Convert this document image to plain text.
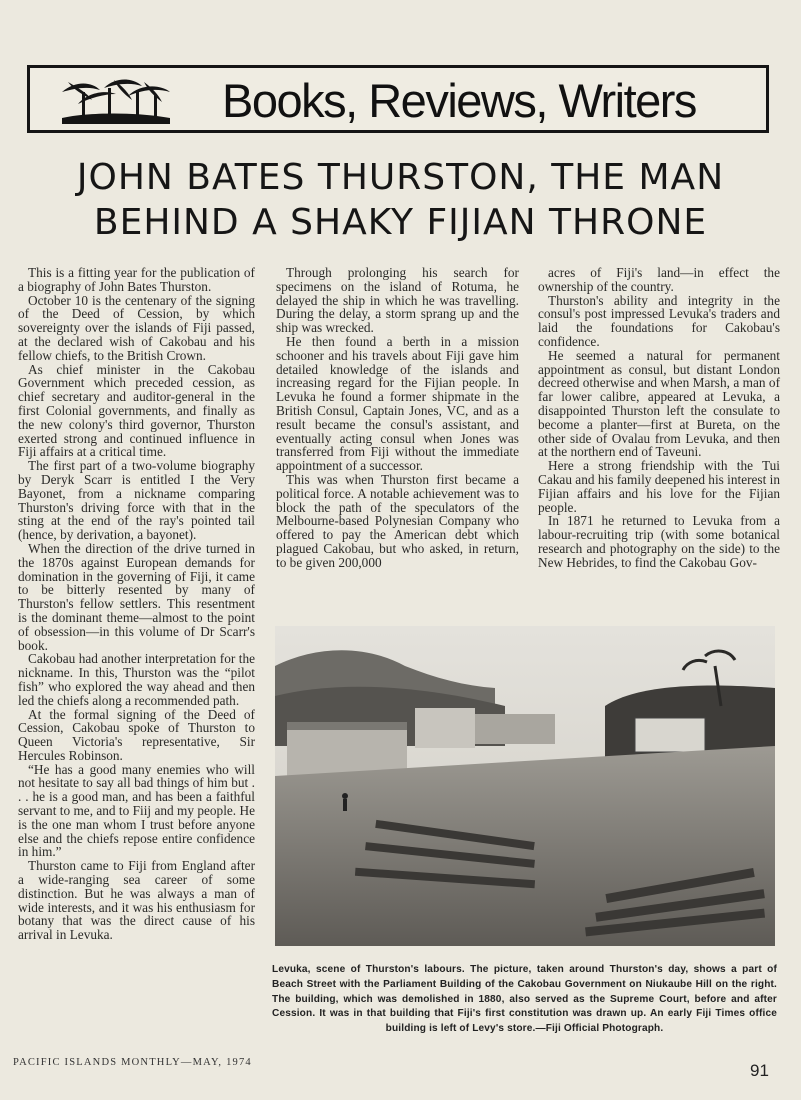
Books, Reviews, Writers
JOHN BATES THURSTON, THE MAN
BEHIND A SHAKY FIJIAN THRONE

This is a fitting year for the publication of a biography of John Bates Thurston.

October 10 is the centenary of the signing of the Deed of Cession, by which sovereignty over the islands of Fiji passed, at the declared wish of Cakobau and his fellow chiefs, to the British Crown.

As chief minister in the Cakobau Government which preceded cession, as chief secretary and auditor-general in the first Colonial governments, and finally as the new colony's third governor, Thurston exerted strong and continued influence in Fiji affairs at a critical time.

The first part of a two-volume biography by Deryk Scarr is entitled I the Very Bayonet, from a nickname comparing Thurston's driving force with that in the sting at the end of the ray's pointed tail (hence, by derivation, a bayonet).

When the direction of the drive turned in the 1870s against European demands for domination in the governing of Fiji, it came to be bitterly resented by many of Thurston's fellow settlers. This resentment is the dominant theme—almost to the point of obsession—in this volume of Dr Scarr's book.

Cakobau had another interpretation for the nickname. In this, Thurston was the “pilot fish” who explored the way ahead and then led the chiefs along a recommended path.

At the formal signing of the Deed of Cession, Cakobau spoke of Thurston to Queen Victoria's representative, Sir Hercules Robinson.

“He has a good many enemies who will not hesitate to say all bad things of him but . . . he is a good man, and has been a faithful servant to me, and to Fiij and my people. He is the one man whom I trust before anyone else and the chiefs repose entire confidence in him.”

Thurston came to Fiji from England after a wide-ranging sea career of some distinction. But he was always a man of wide interests, and it was his enthusiasm for botany that was the direct cause of his arrival in Levuka.

Through prolonging his search for specimens on the island of Rotuma, he delayed the ship in which he was travelling. During the delay, a storm sprang up and the ship was wrecked.

He then found a berth in a mission schooner and his travels about Fiji gave him detailed knowledge of the islands and increasing regard for the Fijian people. In Levuka he found a former shipmate in the British Consul, Captain Jones, VC, and as a result became the consul's assistant, and eventually acting consul when Jones was transferred from Fiji without the immediate appointment of a successor.

This was when Thurston first became a political force. A notable achievement was to block the path of the speculators of the Melbourne-based Polynesian Company who offered to pay the American debt which plagued Cakobau, but who asked, in return, to be given 200,000

acres of Fiji's land—in effect the ownership of the country.

Thurston's ability and integrity in the consul's post impressed Levuka's traders and laid the foundations for Cakobau's confidence.

He seemed a natural for permanent appointment as consul, but distant London decreed otherwise and when Marsh, a man of far lower calibre, appeared at Levuka, a disappointed Thurston left the consulate to become a planter—first at Bureta, on the other side of Ovalau from Levuka, and then at the northern end of Taveuni.

Here a strong friendship with the Tui Cakau and his family deepened his interest in Fijian affairs and his love for the Fijian people.

In 1871 he returned to Levuka from a labour-recruiting trip (with some botanical research and photography on the side) to the New Hebrides, to find the Cakobau Gov-

Levuka, scene of Thurston's labours. The picture, taken around Thurston's day, shows a part of Beach Street with the Parliament Building of the Cakobau Government on Niukaube Hill on the right. The building, which was demolished in 1880, also served as the Supreme Court, before and after Cession. It was in that building that Fiji's first constitution was drawn up. An early Fiji Times office building is left of Levy's store.—Fiji Official Photograph.
PACIFIC ISLANDS MONTHLY—MAY, 1974	91
